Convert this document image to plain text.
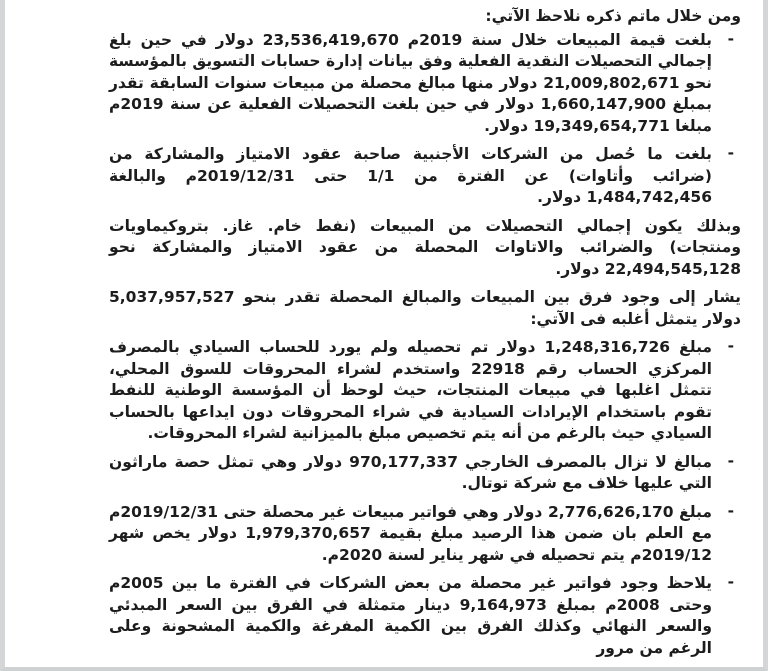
ومن خلال ماتم ذكره نلاحظ الآتي:

-
بلغت قيمة المبيعات خلال سنة 2019م 23,536,419,670 دولار في حين بلغ إجمالي التحصيلات النقدية الفعلية وفق بيانات إدارة حسابات التسويق بالمؤسسة نحو 21,009,802,671 دولار منها مبالغ محصلة من مبيعات سنوات السابقة تقدر بمبلغ 1,660,147,900 دولار في حين بلغت التحصيلات الفعلية عن سنة 2019م مبلغا 19,349,654,771 دولار.
-
بلغت ما حُصل من الشركات الأجنبية صاحبة عقود الامتياز والمشاركة من (ضرائب وأتاوات) عن الفترة من 1/1 حتى 2019/12/31م والبالغة 1,484,742,456 دولار.

وبذلك يكون إجمالي التحصيلات من المبيعات (نفط خام. غاز. بتروكيماويات ومنتجات) والضرائب والاتاوات المحصلة من عقود الامتياز والمشاركة نحو 22,494,545,128 دولار.

يشار إلى وجود فرق بين المبيعات والمبالغ المحصلة تقدر بنحو 5,037,957,527 دولار يتمثل أغلبه فى الآتي:

-
مبلغ 1,248,316,726 دولار تم تحصيله ولم يورد للحساب السيادي بالمصرف المركزي الحساب رقم 22918 واستخدم لشراء المحروقات للسوق المحلي، تتمثل اغلبها في مبيعات المنتجات، حيث لوحظ أن المؤسسة الوطنية للنفط تقوم باستخدام الإيرادات السيادية في شراء المحروقات دون ايداعها بالحساب السيادي حيث بالرغم من أنه يتم تخصيص مبلغ بالميزانية لشراء المحروقات.
-
مبالغ لا تزال بالمصرف الخارجي 970,177,337 دولار وهي تمثل حصة ماراثون التي عليها خلاف مع شركة توتال.
-
مبلغ 2,776,626,170 دولار وهي فواتير مبيعات غير محصلة حتى 2019/12/31م مع العلم بان ضمن هذا الرصيد مبلغ بقيمة 1,979,370,657 دولار يخص شهر 2019/12م يتم تحصيله في شهر يناير لسنة 2020م.
-
يلاحظ وجود فواتير غير محصلة من بعض الشركات في الفترة ما بين 2005م وحتى 2008م بمبلغ 9,164,973 دينار متمثلة في الفرق بين السعر المبدئي والسعر النهائي وكذلك الفرق بين الكمية المفرغة والكمية المشحونة وعلى الرغم من مرور
